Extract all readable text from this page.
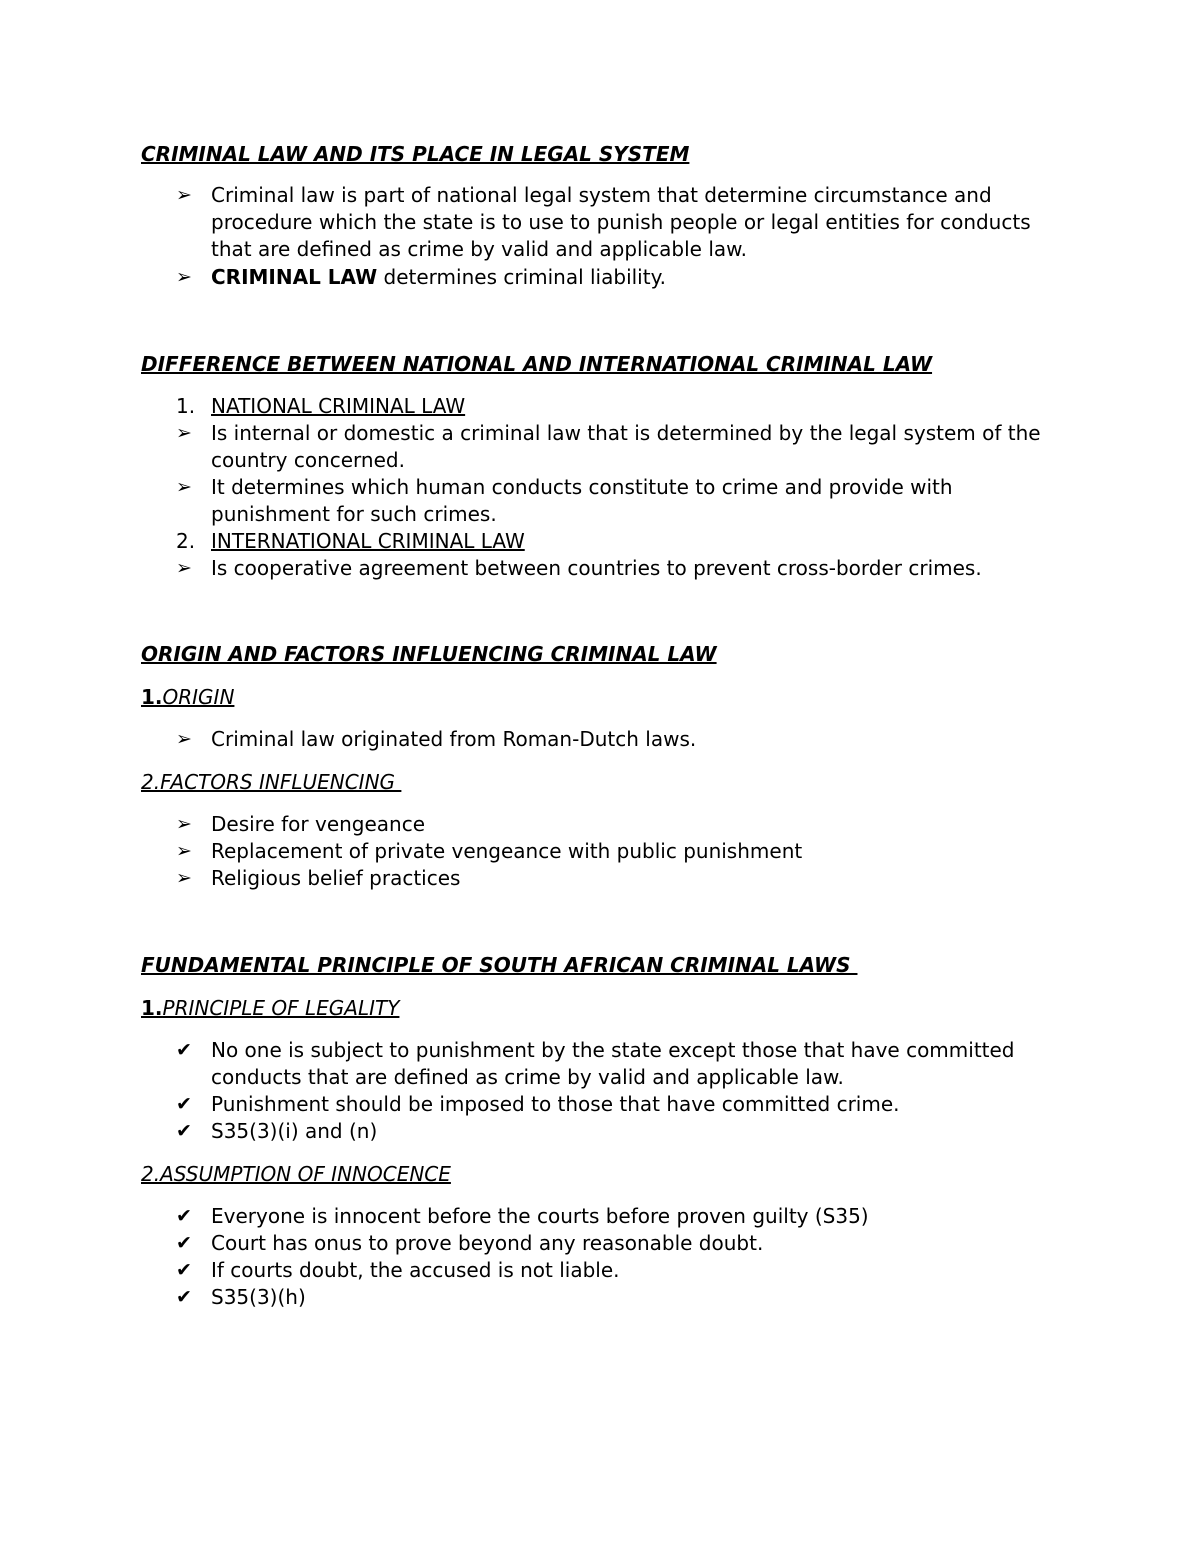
CRIMINAL LAW AND ITS PLACE IN LEGAL SYSTEM
➢ Criminal law is part of national legal system that determine circumstance and procedure which the state is to use to punish people or legal entities for conducts that are defined as crime by valid and applicable law.
➢ CRIMINAL LAW determines criminal liability.
DIFFERENCE BETWEEN NATIONAL AND INTERNATIONAL CRIMINAL LAW
1. NATIONAL CRIMINAL LAW
➢ Is internal or domestic a criminal law that is determined by the legal system of the country concerned.
➢ It determines which human conducts constitute to crime and provide with punishment for such crimes.
2. INTERNATIONAL CRIMINAL LAW
➢ Is cooperative agreement between countries to prevent cross-border crimes.
ORIGIN AND FACTORS INFLUENCING CRIMINAL LAW
1.ORIGIN
➢ Criminal law originated from Roman-Dutch laws.
2.FACTORS INFLUENCING
➢ Desire for vengeance
➢ Replacement of private vengeance with public punishment
➢ Religious belief practices
FUNDAMENTAL PRINCIPLE OF SOUTH AFRICAN CRIMINAL LAWS
1.PRINCIPLE OF LEGALITY
✔ No one is subject to punishment by the state except those that have committed conducts that are defined as crime by valid and applicable law.
✔ Punishment should be imposed to those that have committed crime.
✔ S35(3)(i) and (n)
2.ASSUMPTION OF INNOCENCE
✔ Everyone is innocent before the courts before proven guilty (S35)
✔ Court has onus to prove beyond any reasonable doubt.
✔ If courts doubt, the accused is not liable.
✔ S35(3)(h)
